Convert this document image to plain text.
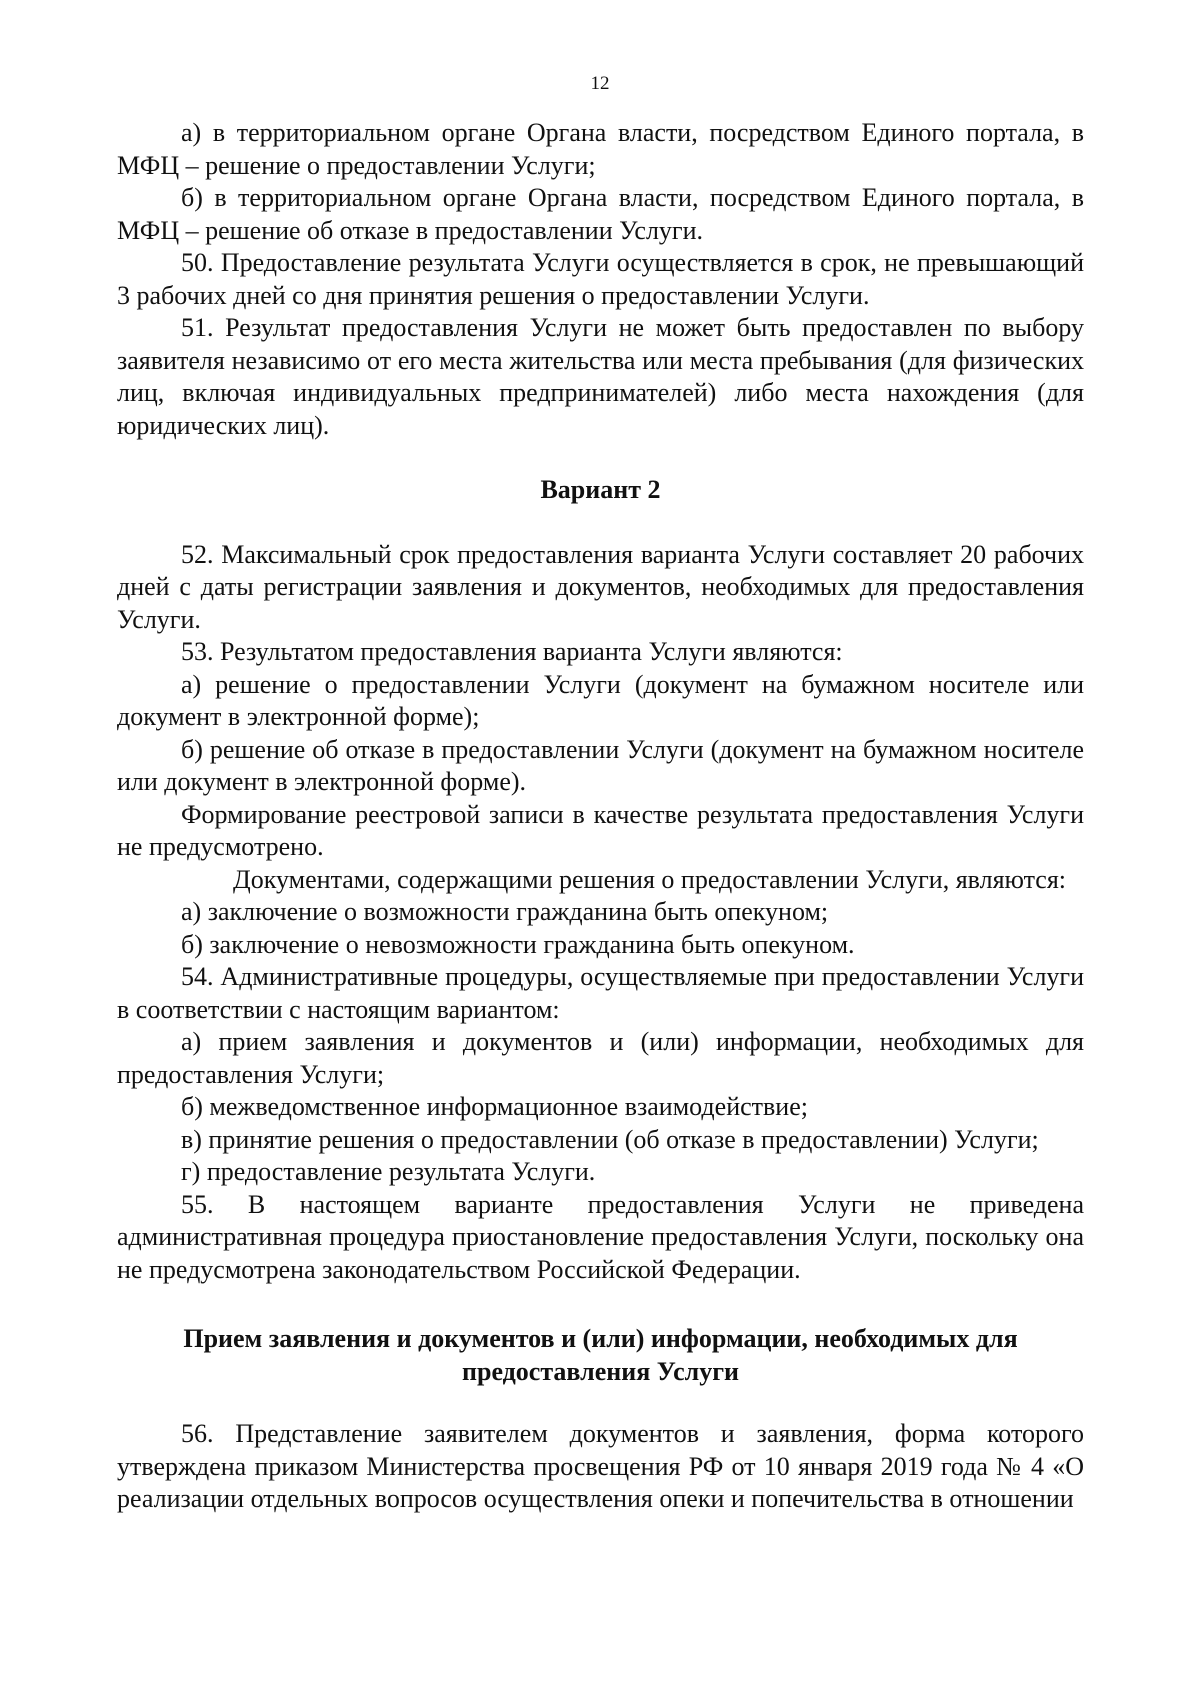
12

а) в территориальном органе Органа власти, посредством Единого портала, в МФЦ – решение о предоставлении Услуги;

б) в территориальном органе Органа власти, посредством Единого портала, в МФЦ – решение об отказе в предоставлении Услуги.

50. Предоставление результата Услуги осуществляется в срок, не превышающий 3 рабочих дней со дня принятия решения о предоставлении Услуги.

51. Результат предоставления Услуги не может быть предоставлен по выбору заявителя независимо от его места жительства или места пребывания (для физических лиц, включая индивидуальных предпринимателей) либо места нахождения (для юридических лиц).

Вариант 2

52. Максимальный срок предоставления варианта Услуги составляет 20 рабочих дней с даты регистрации заявления и документов, необходимых для предоставления Услуги.

53. Результатом предоставления варианта Услуги являются:

а) решение о предоставлении Услуги (документ на бумажном носителе или документ в электронной форме);

б) решение об отказе в предоставлении Услуги (документ на бумажном носителе или документ в электронной форме).

Формирование реестровой записи в качестве результата предоставления Услуги не предусмотрено.

Документами, содержащими решения о предоставлении Услуги, являются:

а) заключение о возможности гражданина быть опекуном;

б) заключение о невозможности гражданина быть опекуном.

54. Административные процедуры, осуществляемые при предоставлении Услуги в соответствии с настоящим вариантом:

а) прием заявления и документов и (или) информации, необходимых для предоставления Услуги;

б) межведомственное информационное взаимодействие;

в) принятие решения о предоставлении (об отказе в предоставлении) Услуги;

г) предоставление результата Услуги.

55. В настоящем варианте предоставления Услуги не приведена административная процедура приостановление предоставления Услуги, поскольку она не предусмотрена законодательством Российской Федерации.

Прием заявления и документов и (или) информации, необходимых для предоставления Услуги

56. Представление заявителем документов и заявления, форма которого утверждена приказом Министерства просвещения РФ от 10 января 2019 года № 4 «О реализации отдельных вопросов осуществления опеки и попечительства в отношении
